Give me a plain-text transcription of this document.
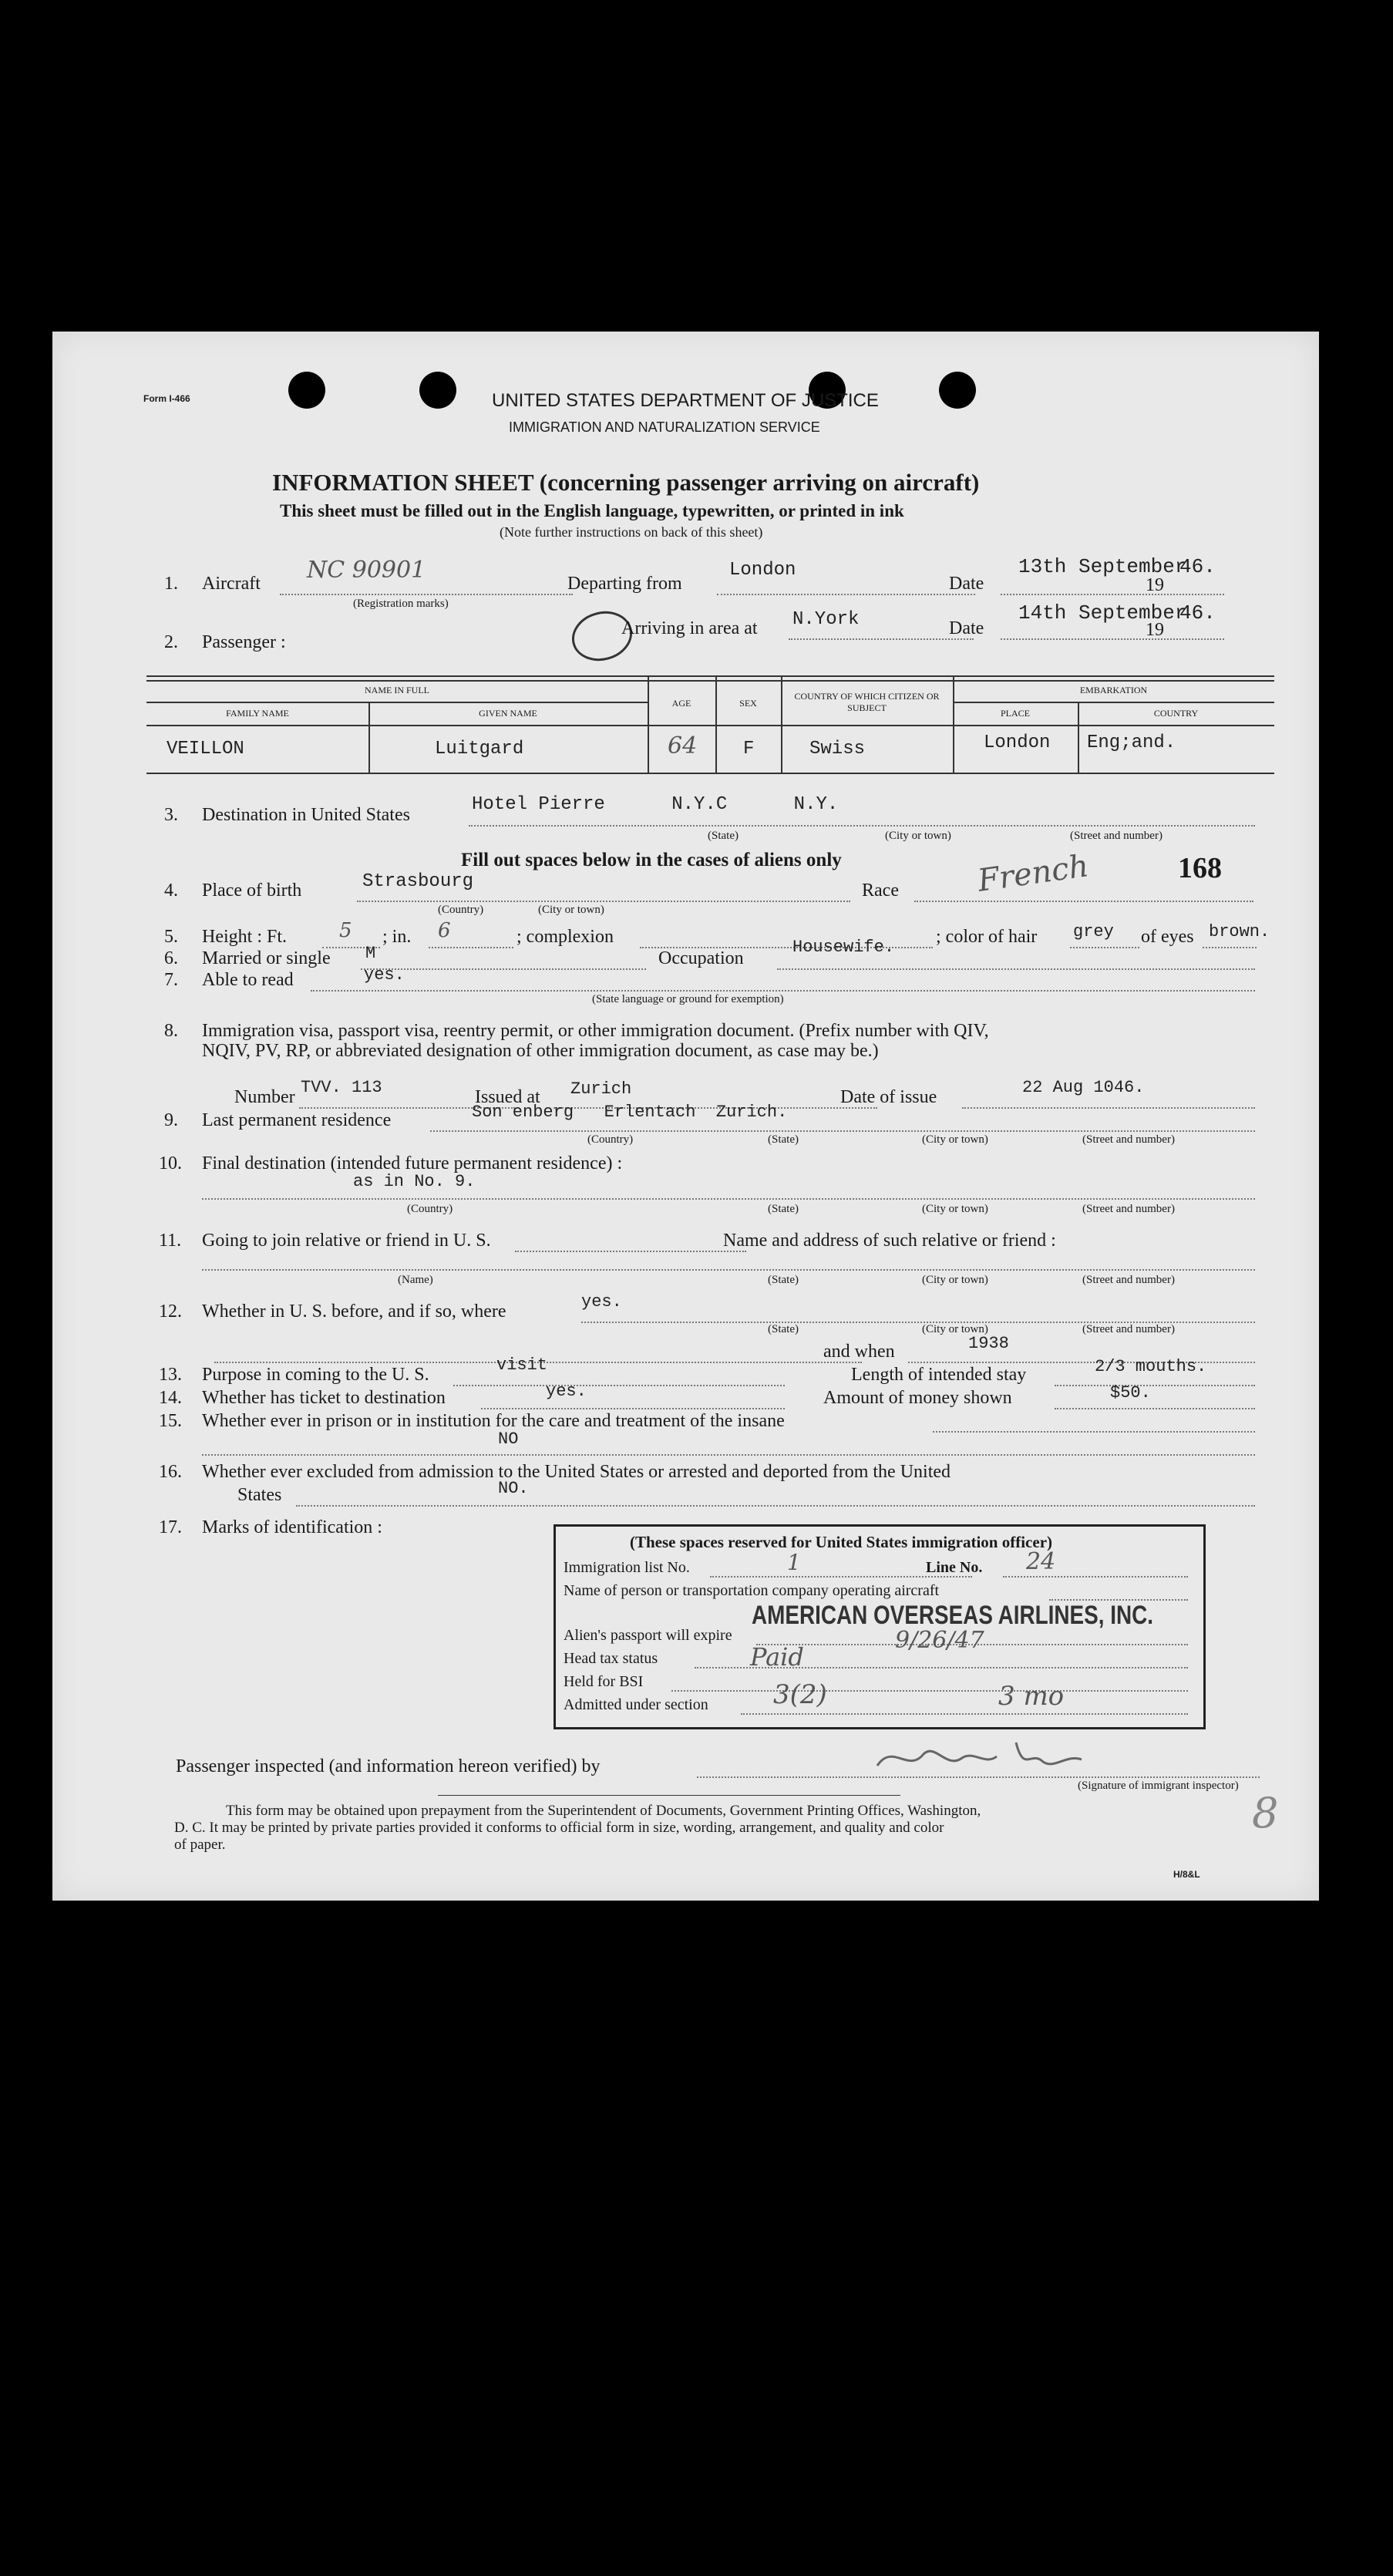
Form I-466	UNITED STATES DEPARTMENT OF JUSTICE
IMMIGRATION AND NATURALIZATION SERVICE
INFORMATION SHEET (concerning passenger arriving on aircraft)
This sheet must be filled out in the English language, typewritten, or printed in ink
(Note further instructions on back of this sheet)
1. Aircraft NC 90901
(Registration marks)
Departing from
London
Date
13th September
19
46.
2. Passenger :
Arriving in area at N.York	Date
14th September
19
46.
NAME IN FULL
FAMILY NAME	GIVEN NAME
AGE	SEX
COUNTRY OF WHICH CITIZEN OR SUBJECT
EMBARKATION
PLACE	COUNTRY
VEILLON	Luitgard	64 F	Swiss	London Eng;and.
3. Destination in United States	Hotel Pierre      N.Y.C      N.Y.
(State)	(City or town)	(Street and number)
Fill out spaces below in the cases of aliens only	168
4. Place of birth	Strasbourg
(Country)	(City or town)
Race French
5. Height : Ft.	5 ; in. 6	; complexion	; color of hair grey of eyes brown.
6. Married or single M	Occupation
Housewife.
7. Able to read	yes.
(State language or ground for exemption)
8. Immigration visa, passport visa, reentry permit, or other immigration document. (Prefix number with QIV,
NQIV, PV, RP, or abbreviated designation of other immigration document, as case may be.)
Number TVV. 113	Issued at Zurich	Date of issue	22 Aug 1046.
9. Last permanent residence	Son enberg   Erlentach  Zurich.
(Country)	(State)	(City or town)	(Street and number)
10. Final destination (intended future permanent residence) :
as in No. 9.
(Country)	(State)	(City or town)	(Street and number)
11. Going to join relative or friend in U. S.	Name and address of such relative or friend :
(Name)	(State)	(City or town)	(Street and number)
12. Whether in U. S. before, and if so, where	yes.
(State)	(City or town)	(Street and number)
and when	1938
13. Purpose in coming to the U. S.	visit	Length of intended stay	2/3 mouths.
14. Whether has ticket to destination	yes.	Amount of money shown	$50.
15. Whether ever in prison or in institution for the care and treatment of the insane
NO
16. Whether ever excluded from admission to the United States or arrested and deported from the United
States	NO.
17. Marks of identification :
(These spaces reserved for United States immigration officer)
Immigration list No.	1	Line No. 24
Name of person or transportation company operating aircraft
AMERICAN OVERSEAS AIRLINES, INC.
Alien's passport will expire	9/26/47
Head tax status	Paid
Held for BSI
Admitted under section 3(2)	3 mo
Passenger inspected (and information hereon verified) by
(Signature of immigrant inspector)
This form may be obtained upon prepayment from the Superintendent of Documents, Government Printing Offices, Washington,
D. C. It may be printed by private parties provided it conforms to official form in size, wording, arrangement, and quality and color
of paper.
H/8&L
8
